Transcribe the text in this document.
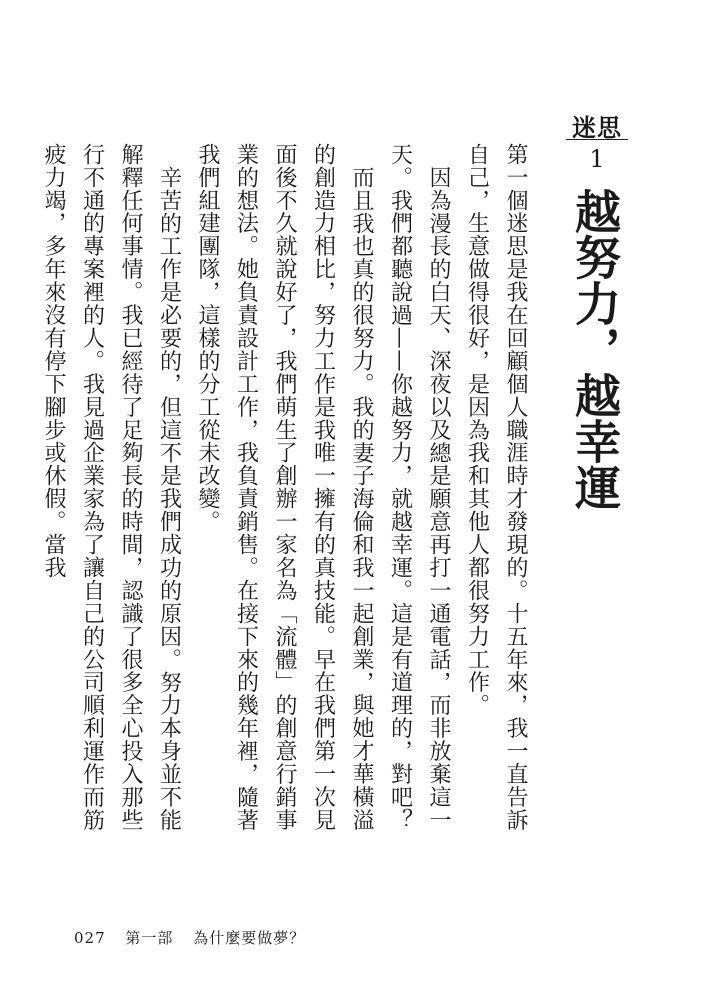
迷思
1
越努力，越幸運

第一個迷思是我在回顧個人職涯時才發現的。十五年來，我一直告訴自己，生意做得很好，是因為我和其他人都很努力工作。

因為漫長的白天、深夜以及總是願意再打一通電話，而非放棄這一天。我們都聽說過——你越努力，就越幸運。這是有道理的，對吧？

而且我也真的很努力。我的妻子海倫和我一起創業，與她才華橫溢的創造力相比，努力工作是我唯一擁有的真技能。早在我們第一次見面後不久就說好了，我們萌生了創辦一家名為「流體」的創意行銷事業的想法。她負責設計工作，我負責銷售。在接下來的幾年裡，隨著我們組建團隊，這樣的分工從未改變。

辛苦的工作是必要的，但這不是我們成功的原因。努力本身並不能解釋任何事情。我已經待了足夠長的時間，認識了很多全心投入那些行不通的專案裡的人。我見過企業家為了讓自己的公司順利運作而筋疲力竭，多年來沒有停下腳步或休假。當我

027 第一部 為什麼要做夢？
